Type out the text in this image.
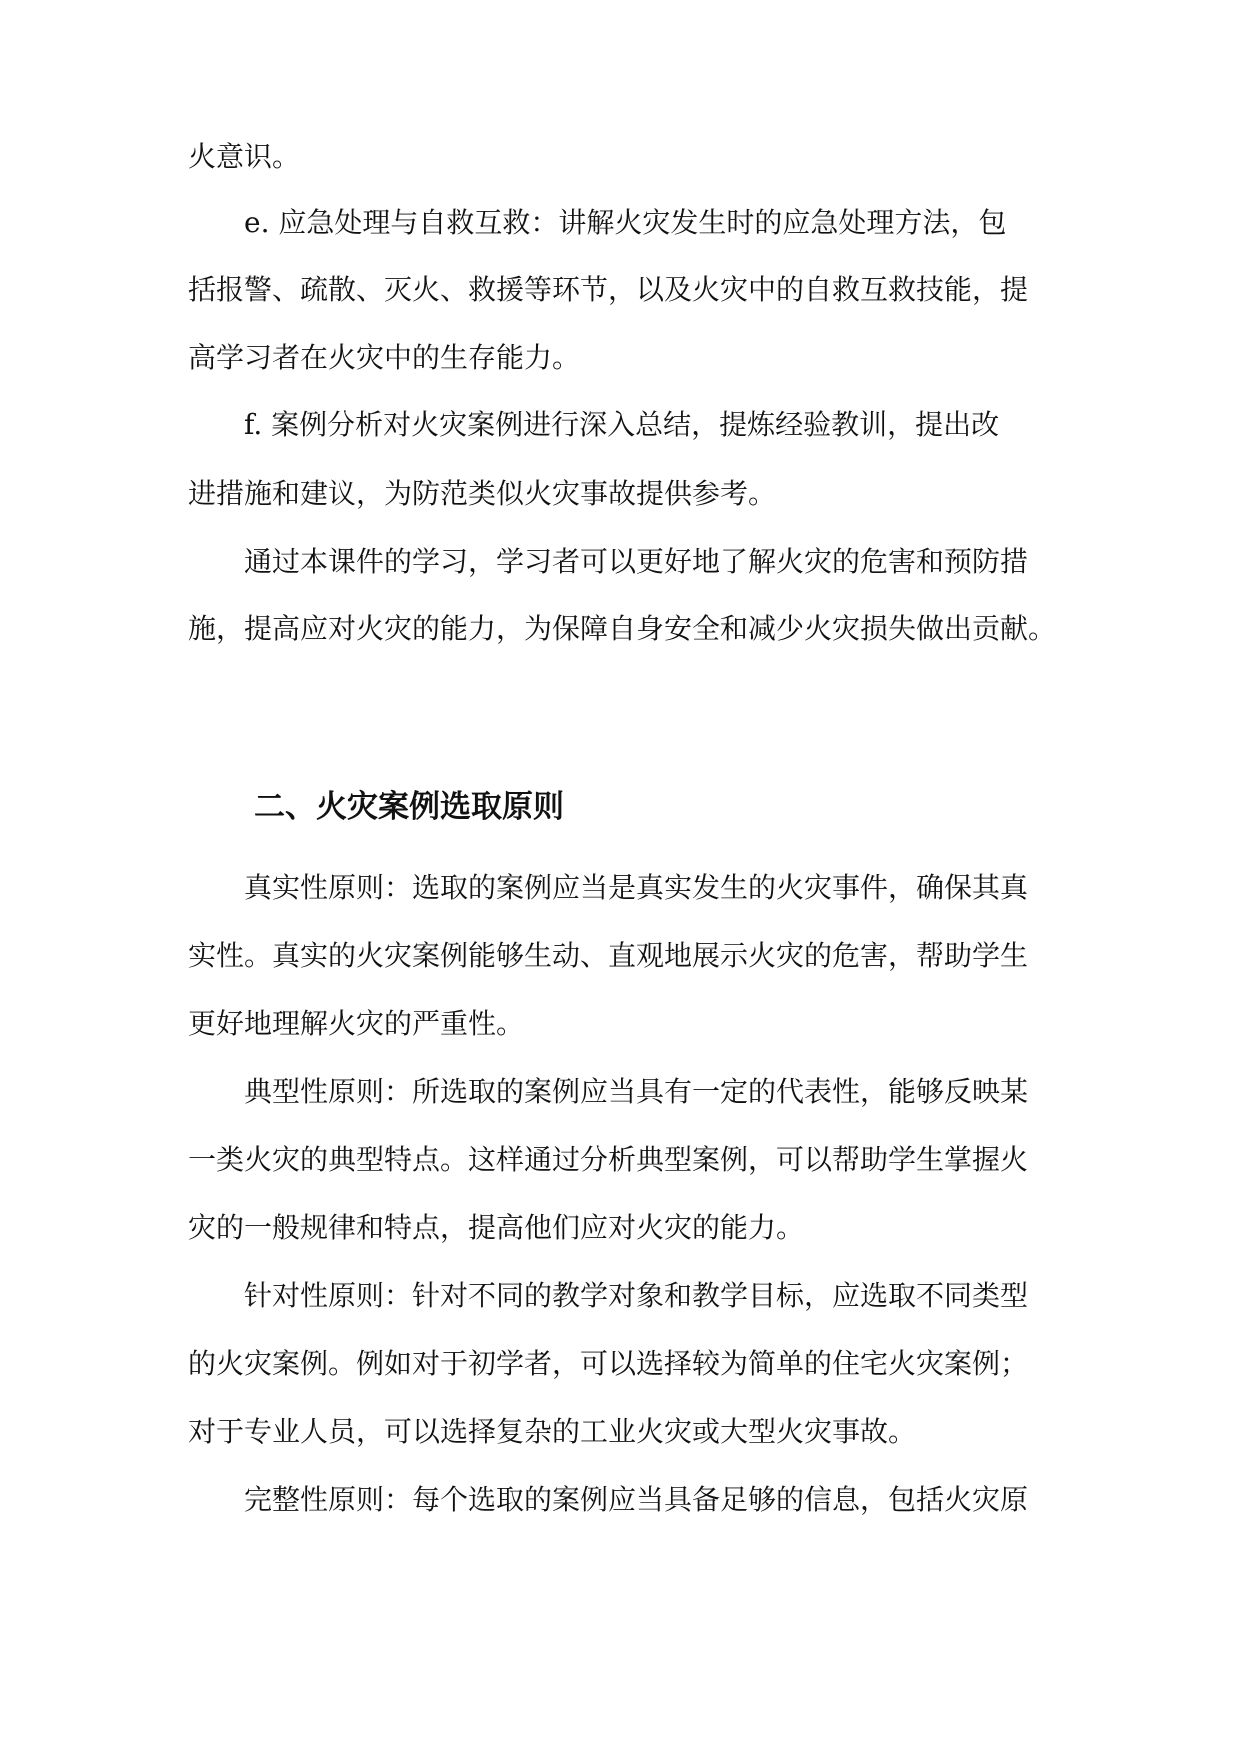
火意识。
e. 应急处理与自救互救：讲解火灾发生时的应急处理方法，包
括报警、疏散、灭火、救援等环节，以及火灾中的自救互救技能，提
高学习者在火灾中的生存能力。
f. 案例分析对火灾案例进行深入总结，提炼经验教训，提出改
进措施和建议，为防范类似火灾事故提供参考。
通过本课件的学习，学习者可以更好地了解火灾的危害和预防措
施，提高应对火灾的能力，为保障自身安全和减少火灾损失做出贡献。
二、火灾案例选取原则
真实性原则：选取的案例应当是真实发生的火灾事件，确保其真
实性。真实的火灾案例能够生动、直观地展示火灾的危害，帮助学生
更好地理解火灾的严重性。
典型性原则：所选取的案例应当具有一定的代表性，能够反映某
一类火灾的典型特点。这样通过分析典型案例，可以帮助学生掌握火
灾的一般规律和特点，提高他们应对火灾的能力。
针对性原则：针对不同的教学对象和教学目标，应选取不同类型
的火灾案例。例如对于初学者，可以选择较为简单的住宅火灾案例；
对于专业人员，可以选择复杂的工业火灾或大型火灾事故。
完整性原则：每个选取的案例应当具备足够的信息，包括火灾原
